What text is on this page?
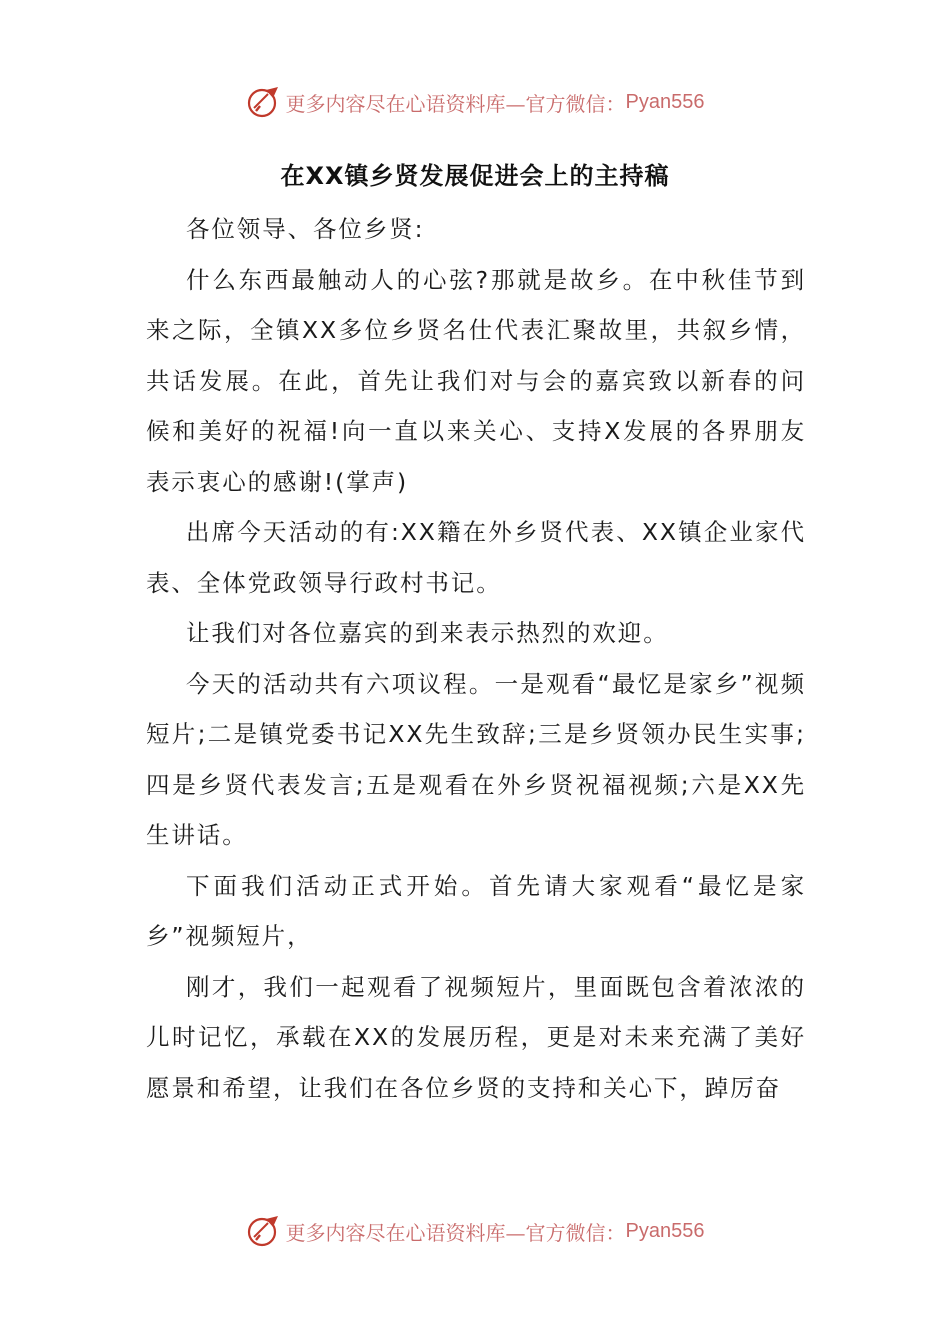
更多内容尽在心语资料库—官方微信： Pyan556
在XX镇乡贤发展促进会上的主持稿

各位领导、各位乡贤:

什么东西最触动人的心弦?那就是故乡。在中秋佳节到来之际，全镇XX多位乡贤名仕代表汇聚故里，共叙乡情，共话发展。在此，首先让我们对与会的嘉宾致以新春的问候和美好的祝福!向一直以来关心、支持X发展的各界朋友表示衷心的感谢!(掌声)

出席今天活动的有:XX籍在外乡贤代表、XX镇企业家代表、全体党政领导行政村书记。

让我们对各位嘉宾的到来表示热烈的欢迎。

今天的活动共有六项议程。一是观看“最忆是家乡”视频短片;二是镇党委书记XX先生致辞;三是乡贤领办民生实事;四是乡贤代表发言;五是观看在外乡贤祝福视频;六是XX先生讲话。

下面我们活动正式开始。首先请大家观看“最忆是家乡”视频短片，

刚才，我们一起观看了视频短片，里面既包含着浓浓的儿时记忆，承载在XX的发展历程，更是对未来充满了美好愿景和希望，让我们在各位乡贤的支持和关心下，踔厉奋

更多内容尽在心语资料库—官方微信： Pyan556
